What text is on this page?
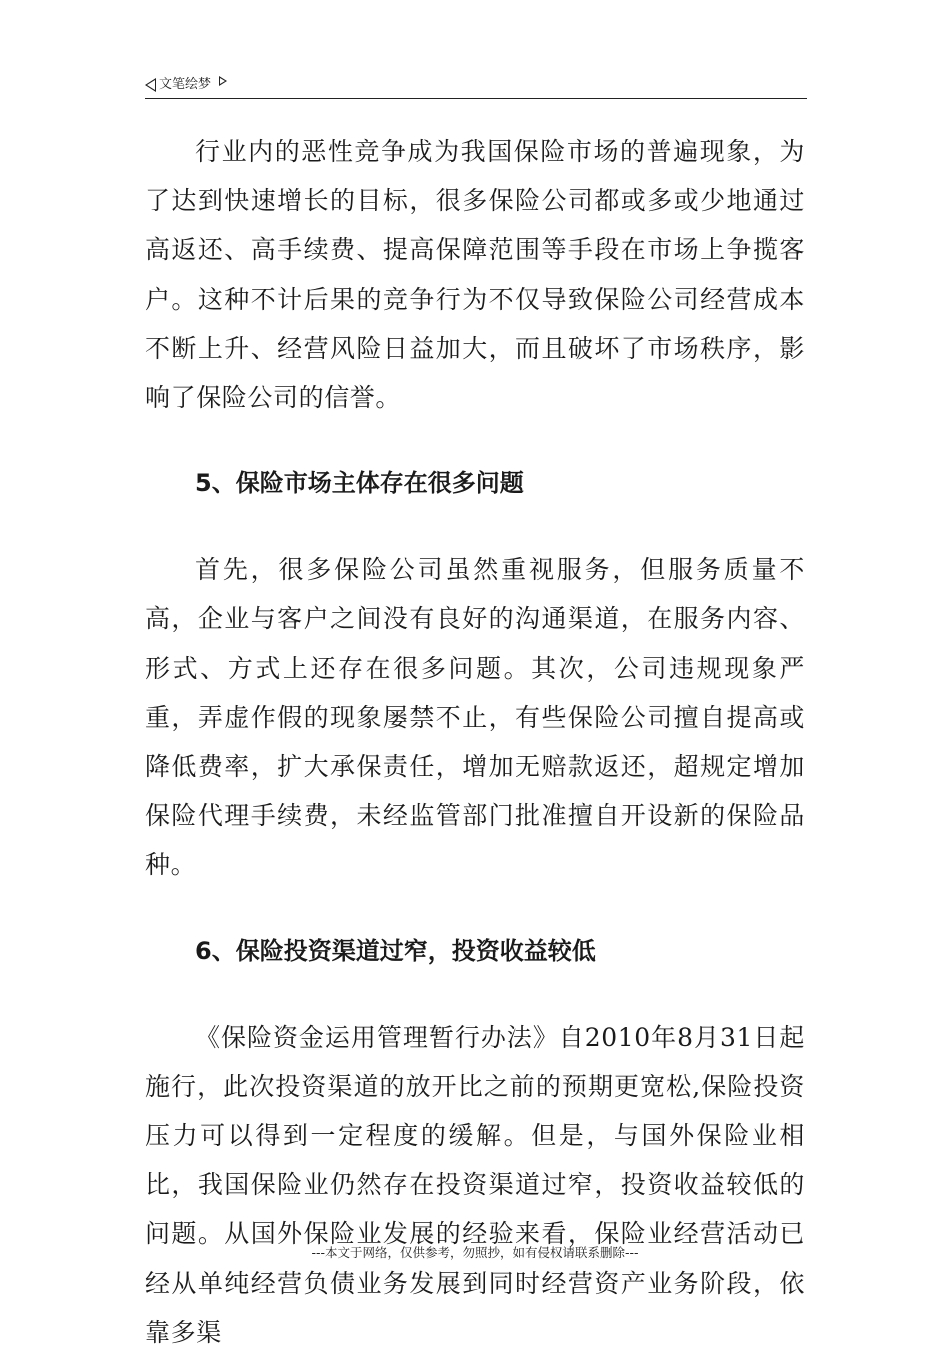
文笔绘梦

行业内的恶性竞争成为我国保险市场的普遍现象，为了达到快速增长的目标，很多保险公司都或多或少地通过高返还、高手续费、提高保障范围等手段在市场上争揽客户。这种不计后果的竞争行为不仅导致保险公司经营成本不断上升、经营风险日益加大，而且破坏了市场秩序，影响了保险公司的信誉。

5、保险市场主体存在很多问题

首先，很多保险公司虽然重视服务，但服务质量不高，企业与客户之间没有良好的沟通渠道，在服务内容、形式、方式上还存在很多问题。其次，公司违规现象严重，弄虚作假的现象屡禁不止，有些保险公司擅自提高或降低费率，扩大承保责任，增加无赔款返还，超规定增加保险代理手续费，未经监管部门批准擅自开设新的保险品种。

6、保险投资渠道过窄，投资收益较低

《保险资金运用管理暂行办法》自2010年8月31日起施行，此次投资渠道的放开比之前的预期更宽松,保险投资压力可以得到一定程度的缓解。但是，与国外保险业相比，我国保险业仍然存在投资渠道过窄，投资收益较低的问题。从国外保险业发展的经验来看，保险业经营活动已经从单纯经营负债业务发展到同时经营资产业务阶段，依靠多渠

---本文于网络，仅供参考，勿照抄，如有侵权请联系删除---
